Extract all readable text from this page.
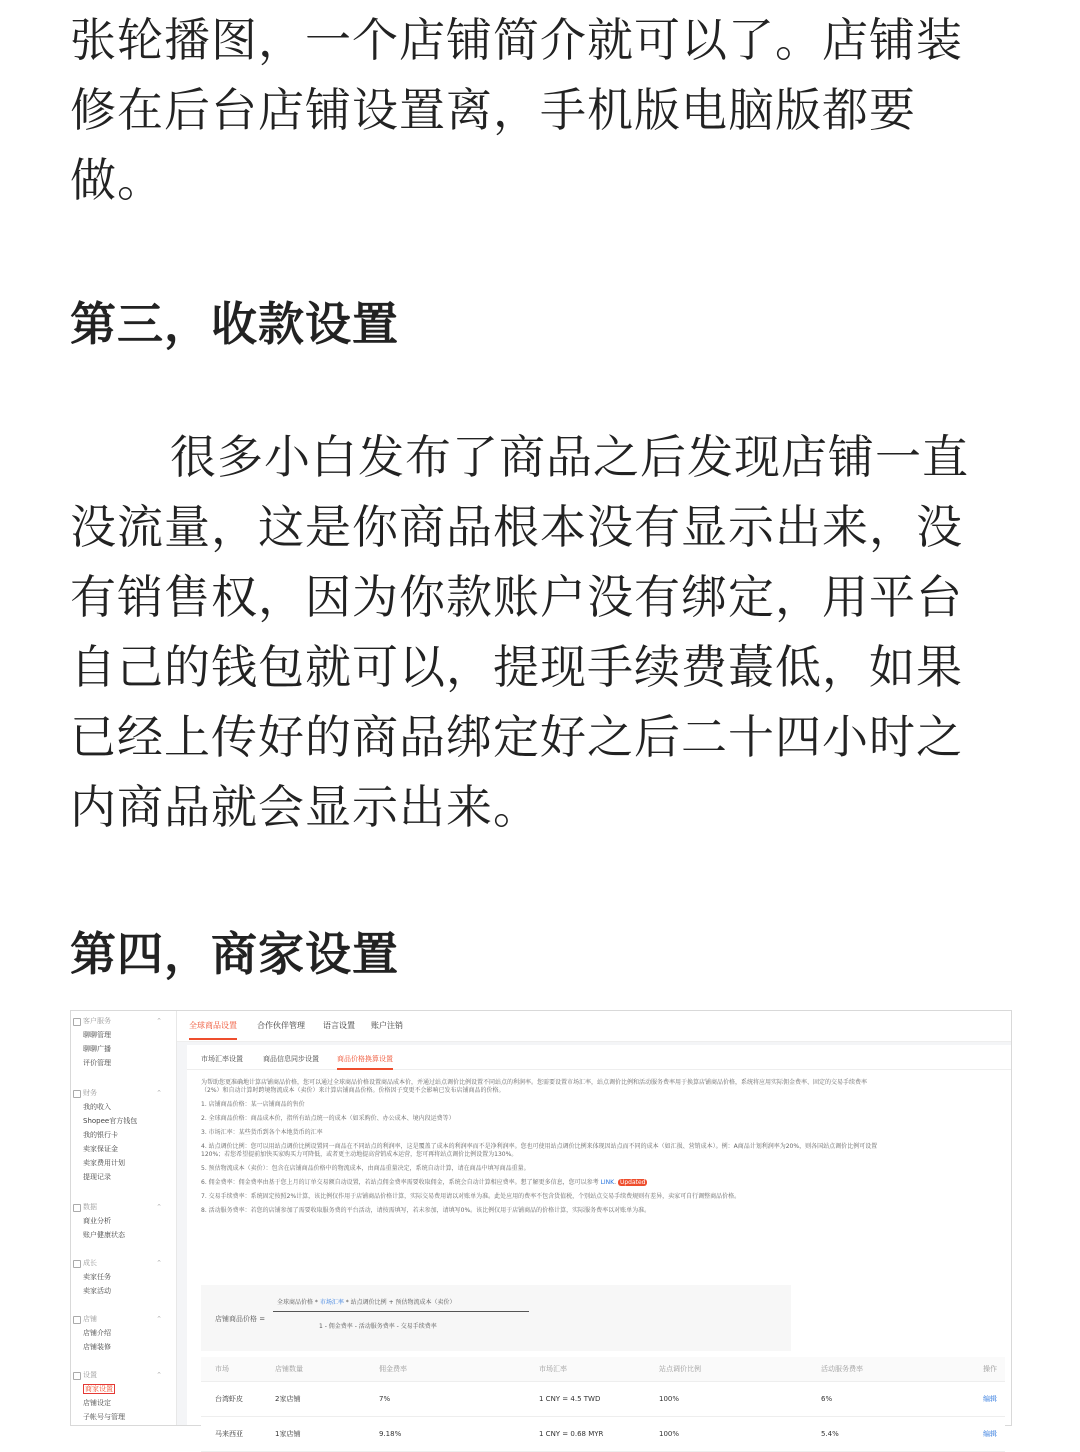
张轮播图，一个店铺简介就可以了。店铺装修在后台店铺设置离，手机版电脑版都要做。

第三，收款设置

很多小白发布了商品之后发现店铺一直没流量，这是你商品根本没有显示出来，没有销售权，因为你款账户没有绑定，用平台自己的钱包就可以，提现手续费蕞低，如果已经上传好的商品绑定好之后二十四小时之内商品就会显示出来。

第四，商家设置
客户服务	⌃
聊聊管理
聊聊广播
评价管理
财务	⌃
我的收入
Shopee官方钱包
我的银行卡
卖家保证金
卖家费用计划
提现记录
数据	⌃
商业分析
账户健康状态
成长	⌃
卖家任务
卖家活动
店铺	⌃
店铺介绍
店铺装修
设置	⌃
商家设置
店铺设定
子帐号与管理
全球商品设置	合作伙伴管理 语言设置 账户注销
市场汇率设置	商品信息同步设置	商品价格换算设置
为帮助您更准确地计算店铺商品价格，您可以通过全球商品价格设置商品成本价，并通过站点调价比例设置不同站点的利润率。您需要设置市场汇率，站点调价比例和活动服务费率用于换算店铺商品价格，系统将应用实际佣金费率、固定的交易手续费率
（2%）和自动计算时跨境物流成本（卖价）来计算店铺商品价格。价格因子变更不会影响已发布店铺商品的价格。
1. 店铺商品价格：某一店铺商品的售价
2. 全球商品价格：商品成本价，指所有站点统一的成本（如采购价、办公成本、境内段运费等）
3. 市场汇率：某些货币到各个本地货币的汇率
4. 站点调价比例：您可以用站点调价比例设置同一商品在不同站点的利润率，这是覆盖了成本的利润率而不是净利润率。您也可使用站点调价比例来体现因站点而不同的成本（如汇损、营销成本）。例：A商品计划利润率为20%，则各国站点调价比例可设置
120%；若您希望提前加快买家购买力可降低，或者更主动地提高营销成本运营，您可再将站点调价比例设置为130%。
5. 预估物流成本（卖价）：包含在店铺商品价格中的物流成本，由商品重量决定，系统自动计算，请在商品中填写商品重量。
6. 佣金费率：佣金费率由基于您上月的订单交易额自动设置，若站点佣金费率需要收取佣金，系统会自动计算相应费率。想了解更多信息，您可以参考 LINK. Updated
7. 交易手续费率：系统固定按照2%计算，该比例仅作用于店铺商品价格计算，实际交易费用请以对账单为准。此处应用的费率不包含货值税，个别站点交易手续费规则有差异，卖家可自行调整商品价格。
8. 活动服务费率：若您的店铺参加了需要收取服务费的平台活动，请按需填写，若未参加，请填写0%。该比例仅用于店铺商品的价格计算，实际服务费率以对账单为准。
店铺商品价格 =
全球商品价格 * 市场汇率 * 站点调价比例 + 预估物流成本（卖价）
1 - 佣金费率 - 活动服务费率 - 交易手续费率
市场	店铺数量	佣金费率	市场汇率	站点调价比例	活动服务费率	操作
台湾虾皮	2家店铺	7%	1 CNY = 4.5 TWD	100%	6%	编辑
马来西亚	1家店铺	9.18%	1 CNY = 0.68 MYR	100%	5.4%	编辑
